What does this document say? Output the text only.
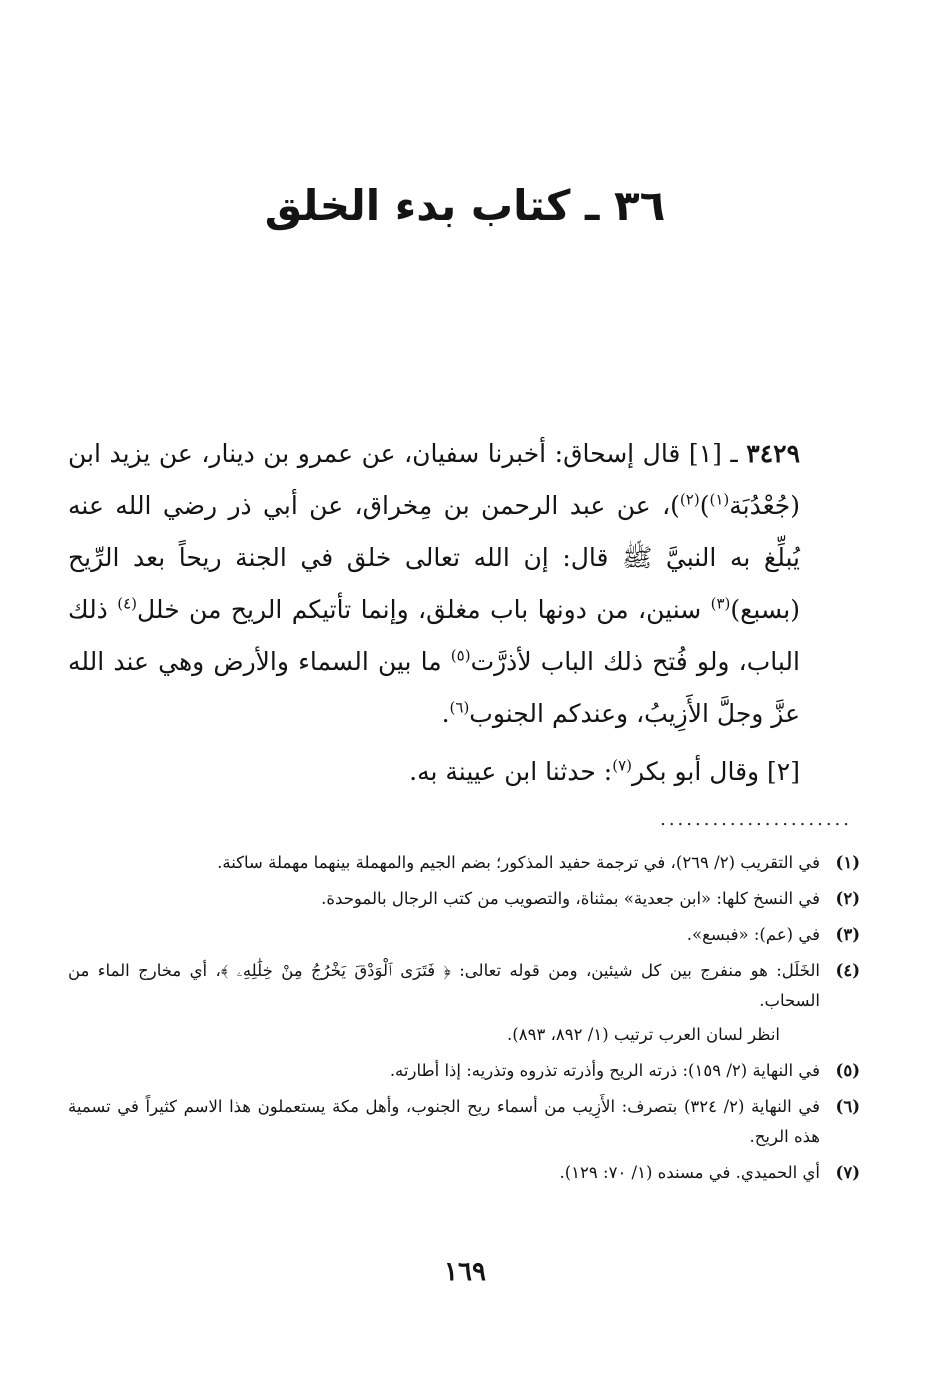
٣٦ ـ كتاب بدء الخلق

٣٤٢٩ ـ [١] قال إسحاق: أخبرنا سفيان، عن عمرو بن دينار، عن يزيد ابن (جُعْدُبَة$^{(١)}$)$^{(٢)}$)، عن عبد الرحمن بن مِخراق، عن أبي ذر رضي الله عنه يُبلِّغ به النبيَّ ﷺ قال: إن الله تعالى خلق في الجنة ريحاً بعد الرِّيح (بسبع)$^{(٣)}$ سنين، من دونها باب مغلق، وإنما تأتيكم الريح من خلل$^{(٤)}$ ذلك الباب، ولو فُتح ذلك الباب لأذرَّت$^{(٥)}$ ما بين السماء والأرض وهي عند الله عزَّ وجلَّ الأَزِيبُ، وعندكم الجنوب$^{(٦)}$.

[٢] وقال أبو بكر$^{(٧)}$: حدثنا ابن عيينة به.

......................
(١)
في التقريب (٢/ ٢٦٩)، في ترجمة حفيد المذكور؛ بضم الجيم والمهملة بينهما مهملة ساكنة.
(٢)
في النسخ كلها: «ابن جعدية» بمثناة، والتصويب من كتب الرجال بالموحدة.
(٣)
في (عم): «فبسع».
(٤)
الخَلَل: هو منفرج بين كل شيئين، ومن قوله تعالى: ﴿ فَتَرَى ٱلْوَدْقَ يَخْرُجُ مِنْ خِلَٰلِهِۦ ﴾، أي مخارج الماء من السحاب.
انظر لسان العرب ترتيب (١/ ٨٩٢، ٨٩٣).
(٥)
في النهاية (٢/ ١٥٩): ذرته الريح وأذرته تذروه وتذريه: إذا أطارته.
(٦)
في النهاية (٢/ ٣٢٤) بتصرف: الأَزِيب من أسماء ريح الجنوب، وأهل مكة يستعملون هذا الاسم كثيراً في تسمية هذه الريح.
(٧)
أي الحميدي. في مسنده (١/ ٧٠: ١٢٩).
١٦٩
